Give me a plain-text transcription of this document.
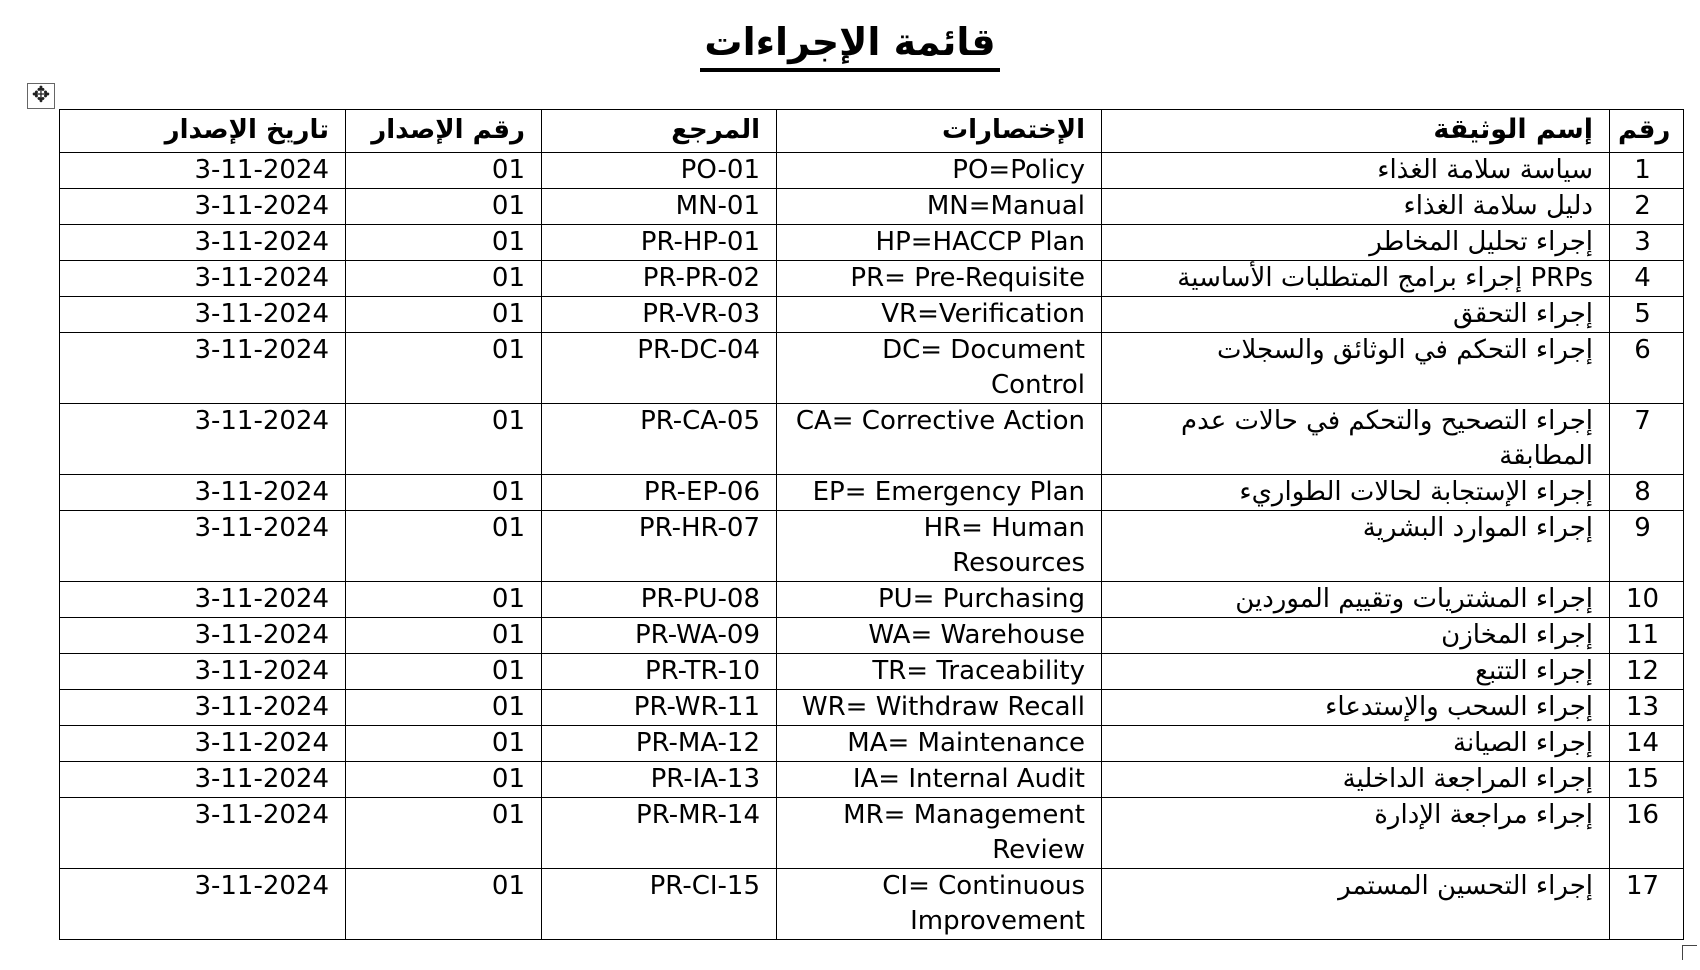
قائمة الإجراءات
✥
تاريخ الإصدار	رقم الإصدار	المرجع	الإختصارات	إسم الوثيقة	رقم
3-11-2024	01	PO-01	PO=Policy	سياسة سلامة الغذاء	1
3-11-2024	01	MN-01	MN=Manual	دليل سلامة الغذاء	2
3-11-2024	01	PR-HP-01	HP=HACCP Plan	إجراء تحليل المخاطر	3
3-11-2024	01	PR-PR-02	PR= Pre-Requisite	إجراء برامج المتطلبات الأساسية PRPs	4
3-11-2024	01	PR-VR-03	VR=Verification	إجراء التحقق	5
3-11-2024	01	PR-DC-04	DC= Document Control	إجراء التحكم في الوثائق والسجلات	6
3-11-2024	01	PR-CA-05	CA= Corrective Action	إجراء التصحيح والتحكم في حالات عدم المطابقة	7
3-11-2024	01	PR-EP-06	EP= Emergency Plan	إجراء الإستجابة لحالات الطواريء	8
3-11-2024	01	PR-HR-07	HR= Human Resources	إجراء الموارد البشرية	9
3-11-2024	01	PR-PU-08	PU= Purchasing	إجراء المشتريات وتقييم الموردين	10
3-11-2024	01	PR-WA-09	WA= Warehouse	إجراء المخازن	11
3-11-2024	01	PR-TR-10	TR= Traceability	إجراء التتبع	12
3-11-2024	01	PR-WR-11	WR= Withdraw Recall	إجراء السحب والإستدعاء	13
3-11-2024	01	PR-MA-12	MA= Maintenance	إجراء الصيانة	14
3-11-2024	01	PR-IA-13	IA= Internal Audit	إجراء المراجعة الداخلية	15
3-11-2024	01	PR-MR-14	MR= Management Review	إجراء مراجعة الإدارة	16
3-11-2024	01	PR-CI-15	CI= Continuous Improvement	إجراء التحسين المستمر	17
